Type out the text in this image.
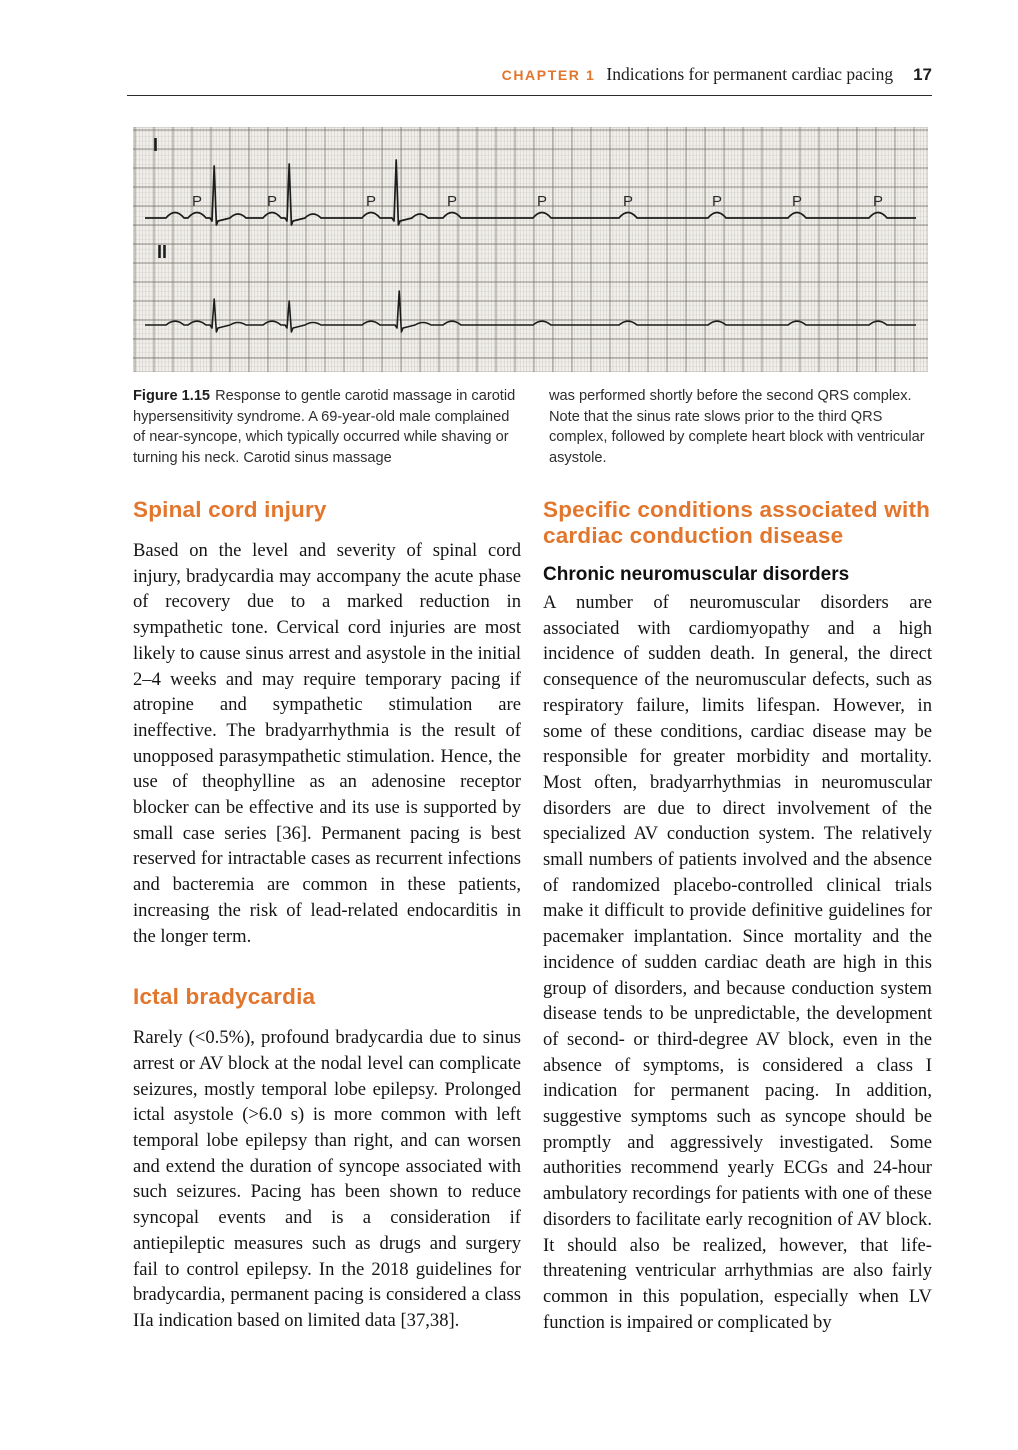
CHAPTER 1 Indications for permanent cardiac pacing 17
P	P	P	P	P	P	P	P	P
I
II

Figure 1.15 Response to gentle carotid massage in carotid hypersensitivity syndrome. A 69-year-old male complained of near-syncope, which typically occurred while shaving or turning his neck. Carotid sinus massage

was performed shortly before the second QRS complex. Note that the sinus rate slows prior to the third QRS complex, followed by complete heart block with ventricular asystole.

Spinal cord injury

Based on the level and severity of spinal cord injury, bradycardia may accompany the acute phase of recovery due to a marked reduction in sympathetic tone. Cervical cord injuries are most likely to cause sinus arrest and asystole in the initial 2–4 weeks and may require temporary pacing if atropine and sympathetic stimulation are ineffective. The bradyarrhythmia is the result of unopposed parasympathetic stimulation. Hence, the use of theophylline as an adenosine receptor blocker can be effective and its use is supported by small case series [36]. Permanent pacing is best reserved for intractable cases as recurrent infections and bacteremia are common in these patients, increasing the risk of lead-related endocarditis in the longer term.

Ictal bradycardia

Rarely (<0.5%), profound bradycardia due to sinus arrest or AV block at the nodal level can complicate seizures, mostly temporal lobe epilepsy. Prolonged ictal asystole (>6.0 s) is more common with left temporal lobe epilepsy than right, and can worsen and extend the duration of syncope associated with such seizures. Pacing has been shown to reduce syncopal events and is a consideration if antiepileptic measures such as drugs and surgery fail to control epilepsy. In the 2018 guidelines for bradycardia, permanent pacing is considered a class IIa indication based on limited data [37,38].

Specific conditions associated with cardiac conduction disease
Chronic neuromuscular disorders

A number of neuromuscular disorders are associated with cardiomyopathy and a high incidence of sudden death. In general, the direct consequence of the neuromuscular defects, such as respiratory failure, limits lifespan. However, in some of these conditions, cardiac disease may be responsible for greater morbidity and mortality. Most often, bradyarrhythmias in neuromuscular disorders are due to direct involvement of the specialized AV conduction system. The relatively small numbers of patients involved and the absence of randomized placebo-controlled clinical trials make it difficult to provide definitive guidelines for pacemaker implantation. Since mortality and the incidence of sudden cardiac death are high in this group of disorders, and because conduction system disease tends to be unpredictable, the development of second- or third-degree AV block, even in the absence of symptoms, is considered a class I indication for permanent pacing. In addition, suggestive symptoms such as syncope should be promptly and aggressively investigated. Some authorities recommend yearly ECGs and 24-hour ambulatory recordings for patients with one of these disorders to facilitate early recognition of AV block. It should also be realized, however, that life-threatening ventricular arrhythmias are also fairly common in this population, especially when LV function is impaired or complicated by
